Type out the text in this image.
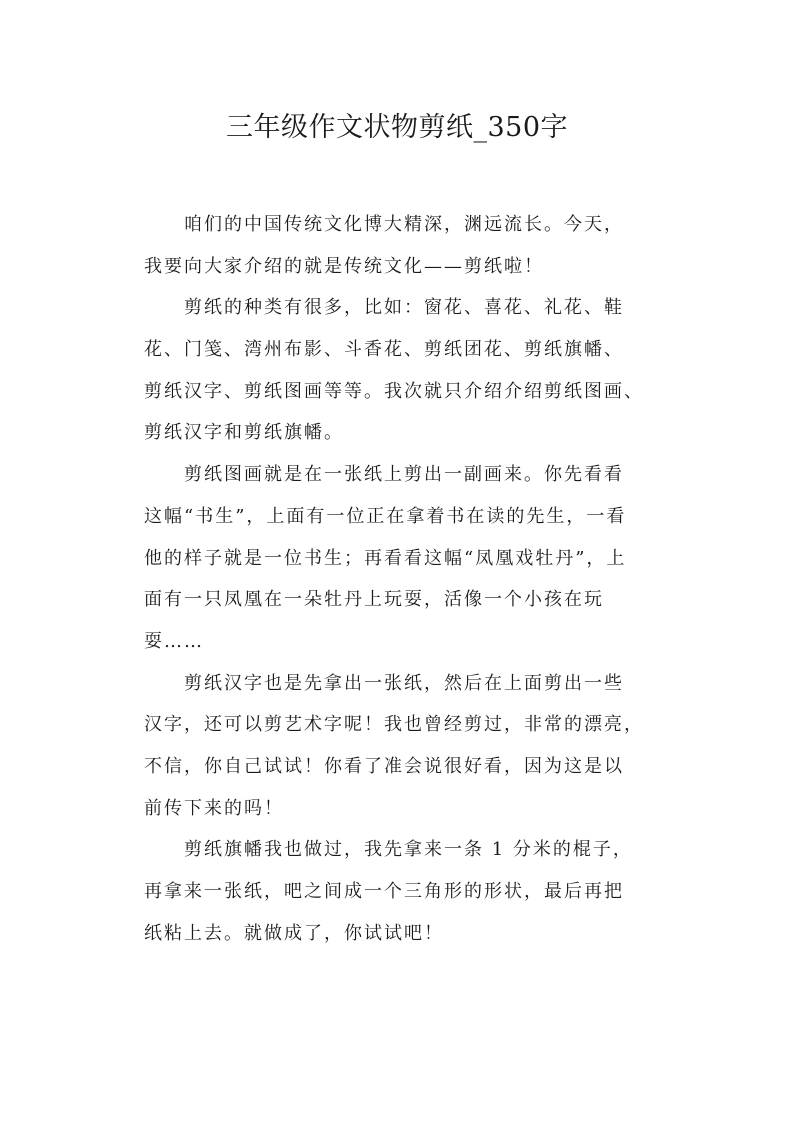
三年级作文状物剪纸_350字
咱们的中国传统文化博大精深，渊远流长。今天，
我要向大家介绍的就是传统文化——剪纸啦！
剪纸的种类有很多，比如：窗花、喜花、礼花、鞋
花、门笺、湾州布影、斗香花、剪纸团花、剪纸旗幡、
剪纸汉字、剪纸图画等等。我次就只介绍介绍剪纸图画、
剪纸汉字和剪纸旗幡。
剪纸图画就是在一张纸上剪出一副画来。你先看看
这幅“书生”，上面有一位正在拿着书在读的先生，一看
他的样子就是一位书生；再看看这幅“凤凰戏牡丹”，上
面有一只凤凰在一朵牡丹上玩耍，活像一个小孩在玩
耍……
剪纸汉字也是先拿出一张纸，然后在上面剪出一些
汉字，还可以剪艺术字呢！我也曾经剪过，非常的漂亮，
不信，你自己试试！你看了准会说很好看，因为这是以
前传下来的吗！
剪纸旗幡我也做过，我先拿来一条 1 分米的棍子，
再拿来一张纸，吧之间成一个三角形的形状，最后再把
纸粘上去。就做成了，你试试吧！
